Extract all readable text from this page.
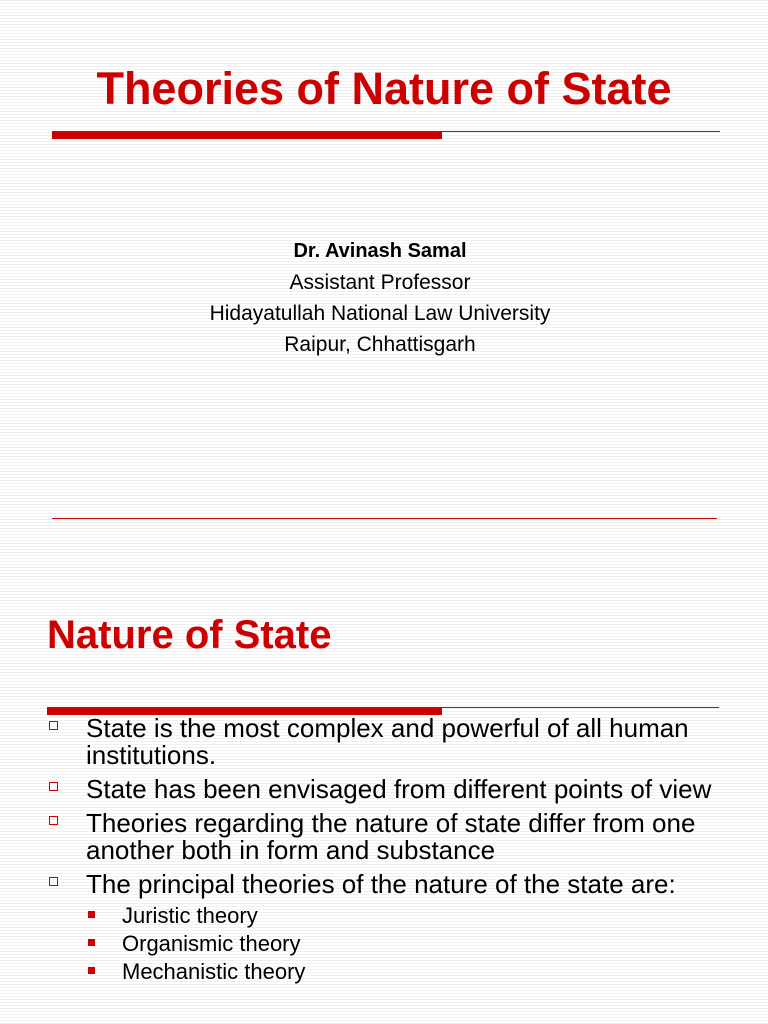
Theories of Nature of State
Dr. Avinash Samal
Assistant Professor
Hidayatullah National Law University
Raipur, Chhattisgarh
Nature of State
State is the most complex and powerful of all human institutions.
State has been envisaged from different points of view
Theories regarding the nature of state differ from one another both in form and substance
The principal theories of the nature of the state are:
Juristic theory
Organismic theory
Mechanistic theory
